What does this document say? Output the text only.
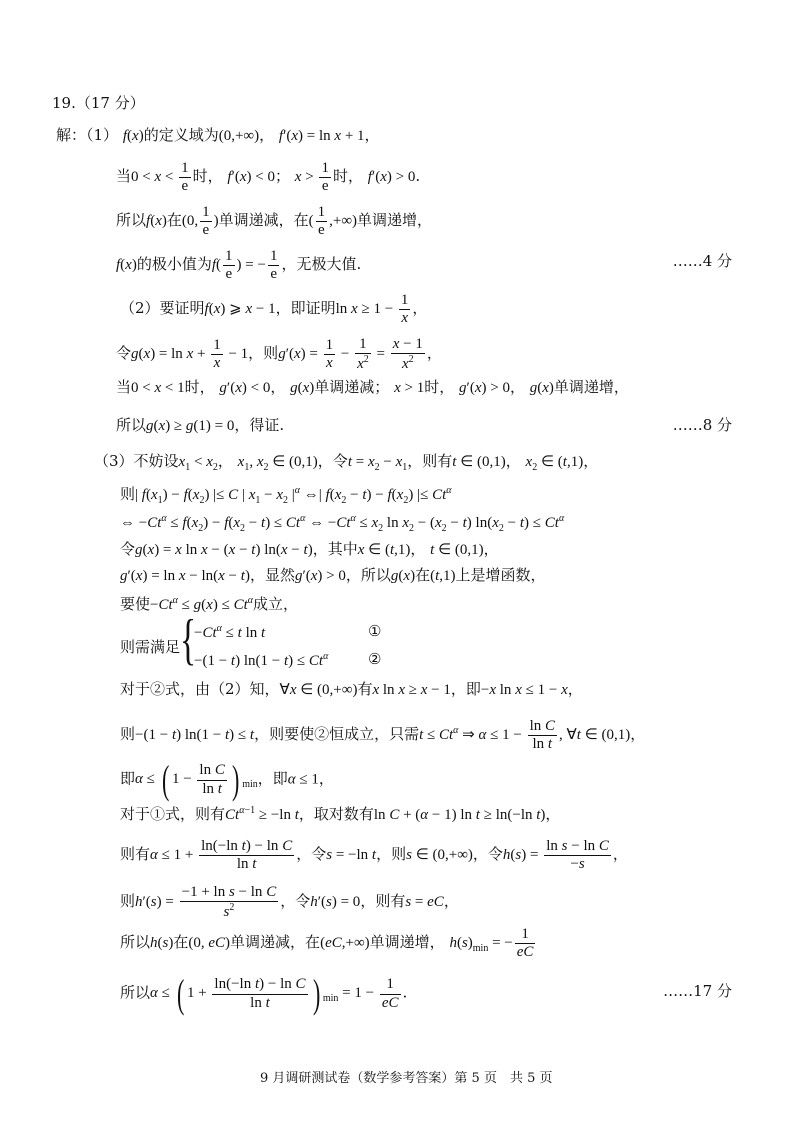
19.（17 分）
解：（1） f(x)的定义域为(0,+∞)， f′(x) = ln x + 1，
当$0 < x < \frac{1}{e}$ 时， f′(x) < 0； $x > \frac{1}{e}$ 时， f′(x) > 0.
所以f(x)在(0, $\frac{1}{e}$ )单调递减，在( $\frac{1}{e}$ ,+∞)单调递增，
f(x)的极小值为$f( \frac{1}{e}$ ) = − $\frac{1}{e}$ ，无极大值.	……4 分
（2）要证明f(x) ⩾ x − 1，即证明$\ln x \ge 1 - \frac{1}{x}$ ，
令$g(x) = \ln x + \frac{1}{x} - 1$，则$g'(x) = \frac{1}{x} - \frac{1}{x^2} = \frac{x - 1}{x^2}$ ，
当0 < x < 1时， g′(x) < 0， g(x)单调递减； x > 1时， g′(x) > 0， g(x)单调递增，
所以g(x) ≥ g(1) = 0，得证.	……8 分
（3）不妨设$x_1 < x_2$， $x_1$, $x_2$ ∈ (0,1)，令$t = x_2 - x_1$，则有t ∈ (0,1)， $x_2$ ∈ (t,1)，
则| $f(x_1) - f(x_2)$ |≤ C | $x_1 - x_2$ $|^\alpha$ ⇔| $f(x_2 - t) - f(x_2)$ |≤ $Ct^\alpha$
⇔ $-Ct^\alpha \le f(x_2) - f(x_2 - t) \le Ct^\alpha$ ⇔ $-Ct^\alpha \le x_2$ $\ln x_2 - (x_2 - t) \ln(x_2 - t) \le Ct^\alpha$
令g(x) = x ln x − (x − t) ln(x − t)，其中x ∈ (t,1)， t ∈ (0,1)，
g′(x) = ln x − ln(x − t)，显然g′(x) > 0，所以g(x)在(t,1)上是增函数，
要使$-Ct^\alpha \le g(x) \le Ct^\alpha$成立，
则需满足 {
$-Ct^\alpha \le t$ ln t	①
−(1 − t) $\ln(1 - t) \le Ct^\alpha$	②
对于②式，由（2）知，∀x ∈ (0,+∞)有x ln x ≥ x − 1，即−x ln x ≤ 1 − x，
则−(1 − t) ln(1 − t) ≤ t，则要使②恒成立，只需$t \le Ct^\alpha$ ⇒ $\alpha \le 1 - \frac{\text{ln C}}{\text{ln t}}$ , ∀t ∈ (0,1)，
即α ≤ ( $1 - \frac{\text{ln C}}{\text{ln t}}$ ) $_{min}$，即α ≤ 1，
对于①式，则有$Ct^{\alpha-1} \ge -\ln$ t，取对数有ln C + (α − 1) ln t ≥ ln(−ln t)，
则有$\alpha \le 1 + \frac{\text{ln(−ln t) − ln C}}{\text{ln t}}$ ，令s = −ln t，则s ∈ (0,+∞)，令$h(s) = \frac{\text{ln s − ln C}}{-s}$ ，
则$h'(s) = \frac{\text{−1 + ln s − ln C}}{s^2}$ ，令h′(s) = 0，则有s = eC，
所以h(s)在(0, eC)单调递减，在(eC,+∞)单调递增， $h(s)_{min}$ = − $\frac{1}{eC}$
所以α ≤ ( $1 + \frac{\text{ln(−ln t) − ln C}}{\text{ln t}}$ ) $_{min} = 1 - \frac{1}{eC}$ .	……17 分
9 月调研测试卷（数学参考答案）第 5 页　共 5 页
